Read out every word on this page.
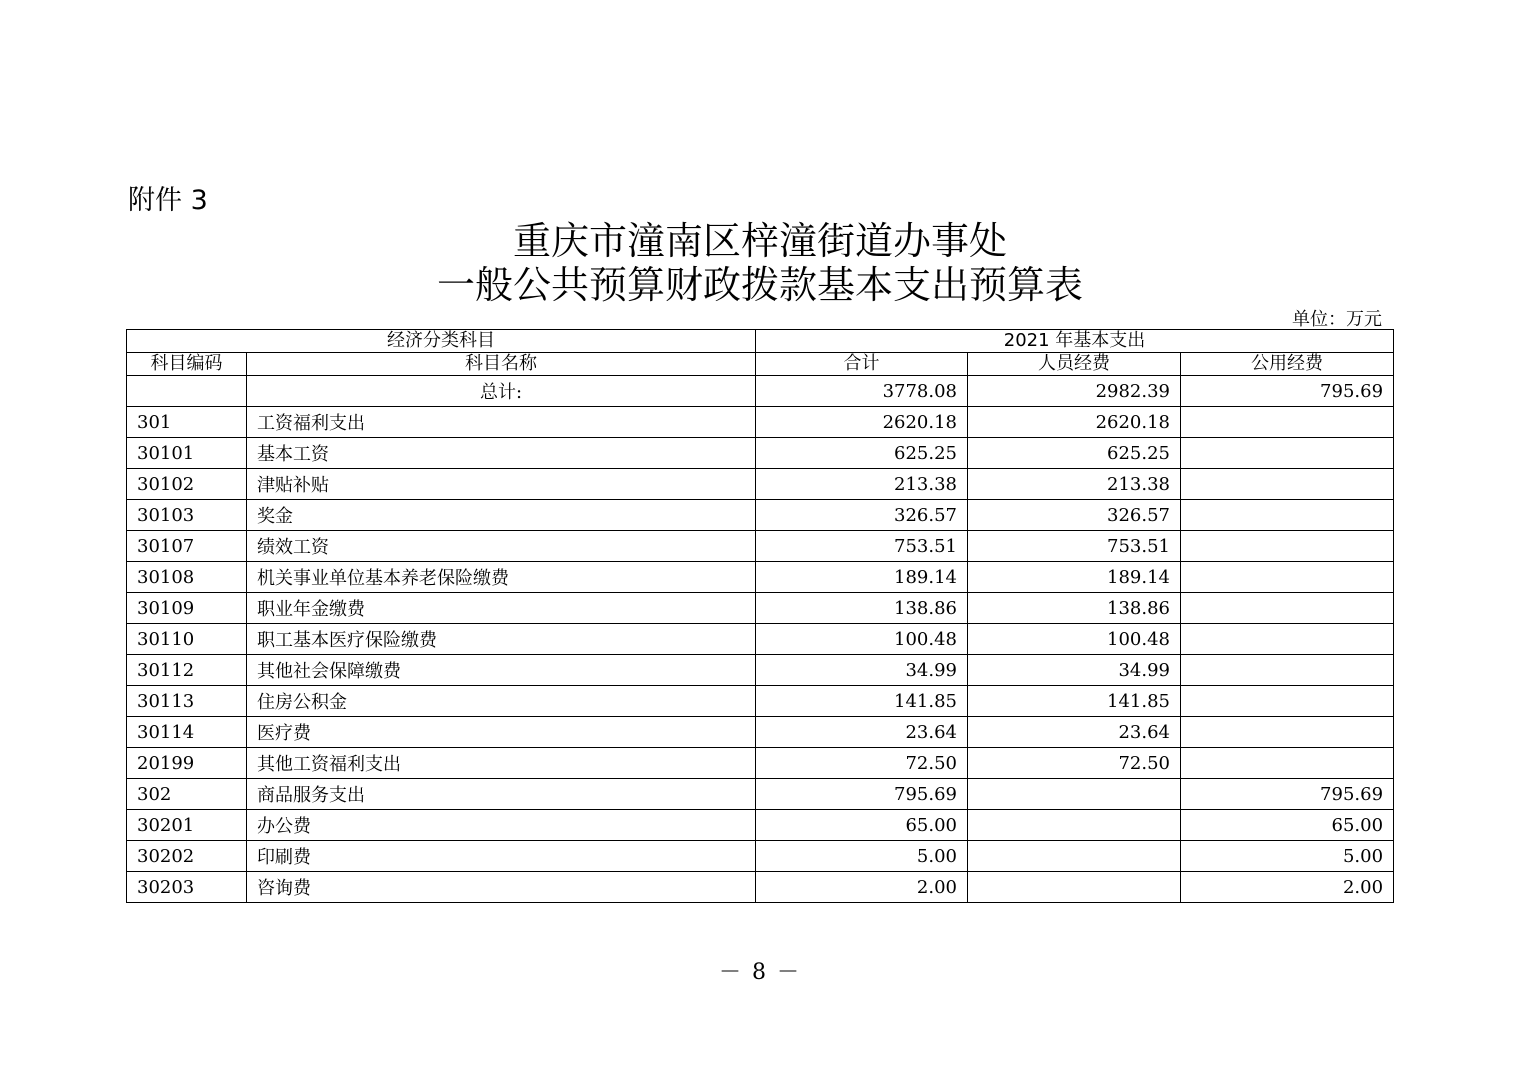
附件 3
重庆市潼南区梓潼街道办事处
一般公共预算财政拨款基本支出预算表
单位：万元
经济分类科目		2021 年基本支出		
科目编码	科目名称	合计	人员经费	公用经费
	总计:	3778.08	2982.39	795.69
301	工资福利支出	2620.18	2620.18	
30101	基本工资	625.25	625.25	
30102	津贴补贴	213.38	213.38	
30103	奖金	326.57	326.57	
30107	绩效工资	753.51	753.51	
30108	机关事业单位基本养老保险缴费	189.14	189.14	
30109	职业年金缴费	138.86	138.86	
30110	职工基本医疗保险缴费	100.48	100.48	
30112	其他社会保障缴费	34.99	34.99	
30113	住房公积金	141.85	141.85	
30114	医疗费	23.64	23.64	
20199	其他工资福利支出	72.50	72.50	
302	商品服务支出	795.69		795.69
30201	办公费	65.00		65.00
30202	印刷费	5.00		5.00
30203	咨询费	2.00		2.00
－ 8 －
